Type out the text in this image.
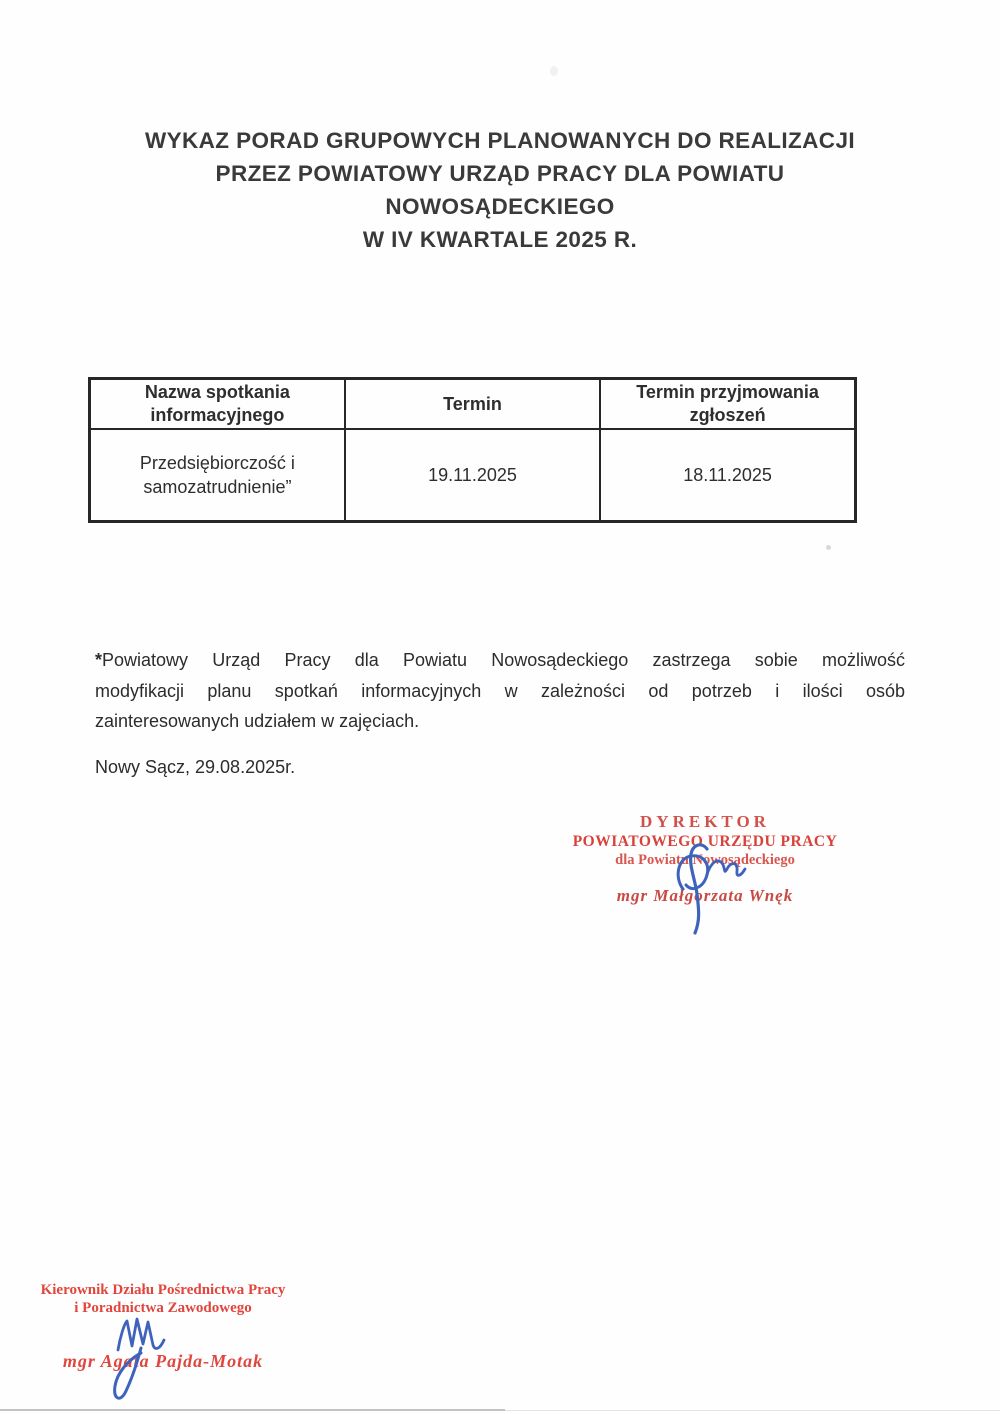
WYKAZ PORAD GRUPOWYCH PLANOWANYCH DO REALIZACJI
PRZEZ POWIATOWY URZĄD PRACY DLA POWIATU
NOWOSĄDECKIEGO
W IV KWARTALE 2025 R.
Nazwa spotkania informacyjnego	Termin	Termin przyjmowania zgłoszeń
Przedsiębiorczość i samozatrudnienie”	19.11.2025	18.11.2025
*Powiatowy Urząd Pracy dla Powiatu Nowosądeckiego zastrzega sobie możliwość
modyfikacji planu spotkań informacyjnych w zależności od potrzeb i ilości osób
zainteresowanych udziałem w zajęciach.
Nowy Sącz, 29.08.2025r.
DYREKTOR
POWIATOWEGO URZĘDU PRACY
dla Powiatu Nowosądeckiego
mgr Małgorzata Wnęk
Kierownik Działu Pośrednictwa Pracy
i Poradnictwa Zawodowego
mgr Agata Pajda-Motak
